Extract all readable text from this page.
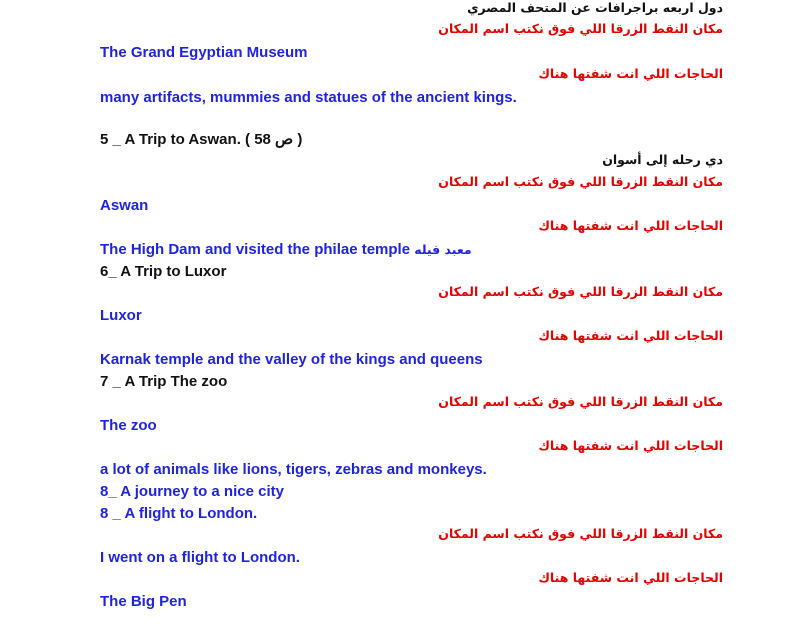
دول اربعه براجرافات عن المتحف المصري
مكان النقط الزرقا اللي فوق نكتب اسم المكان
The Grand Egyptian Museum
الحاجات اللي انت شفتها هناك
many artifacts, mummies and statues of the ancient kings.
5 _ A Trip to Aswan. ( ص 58 )
دي رحله إلى أسوان
مكان النقط الزرقا اللي فوق نكتب اسم المكان
Aswan
الحاجات اللي انت شفتها هناك
The High Dam and visited the philae temple معبد فيله
6_ A Trip to Luxor
مكان النقط الزرقا اللي فوق نكتب اسم المكان
Luxor
الحاجات اللي انت شفتها هناك
Karnak temple and the valley of the kings and queens
7 _ A Trip The zoo
مكان النقط الزرقا اللي فوق نكتب اسم المكان
The zoo
الحاجات اللي انت شفتها هناك
a lot of animals like lions, tigers, zebras and monkeys.
8_ A journey to a nice city
8 _ A flight to London.
مكان النقط الزرقا اللي فوق نكتب اسم المكان
I went on a flight to London.
الحاجات اللي انت شفتها هناك
The Big Pen
